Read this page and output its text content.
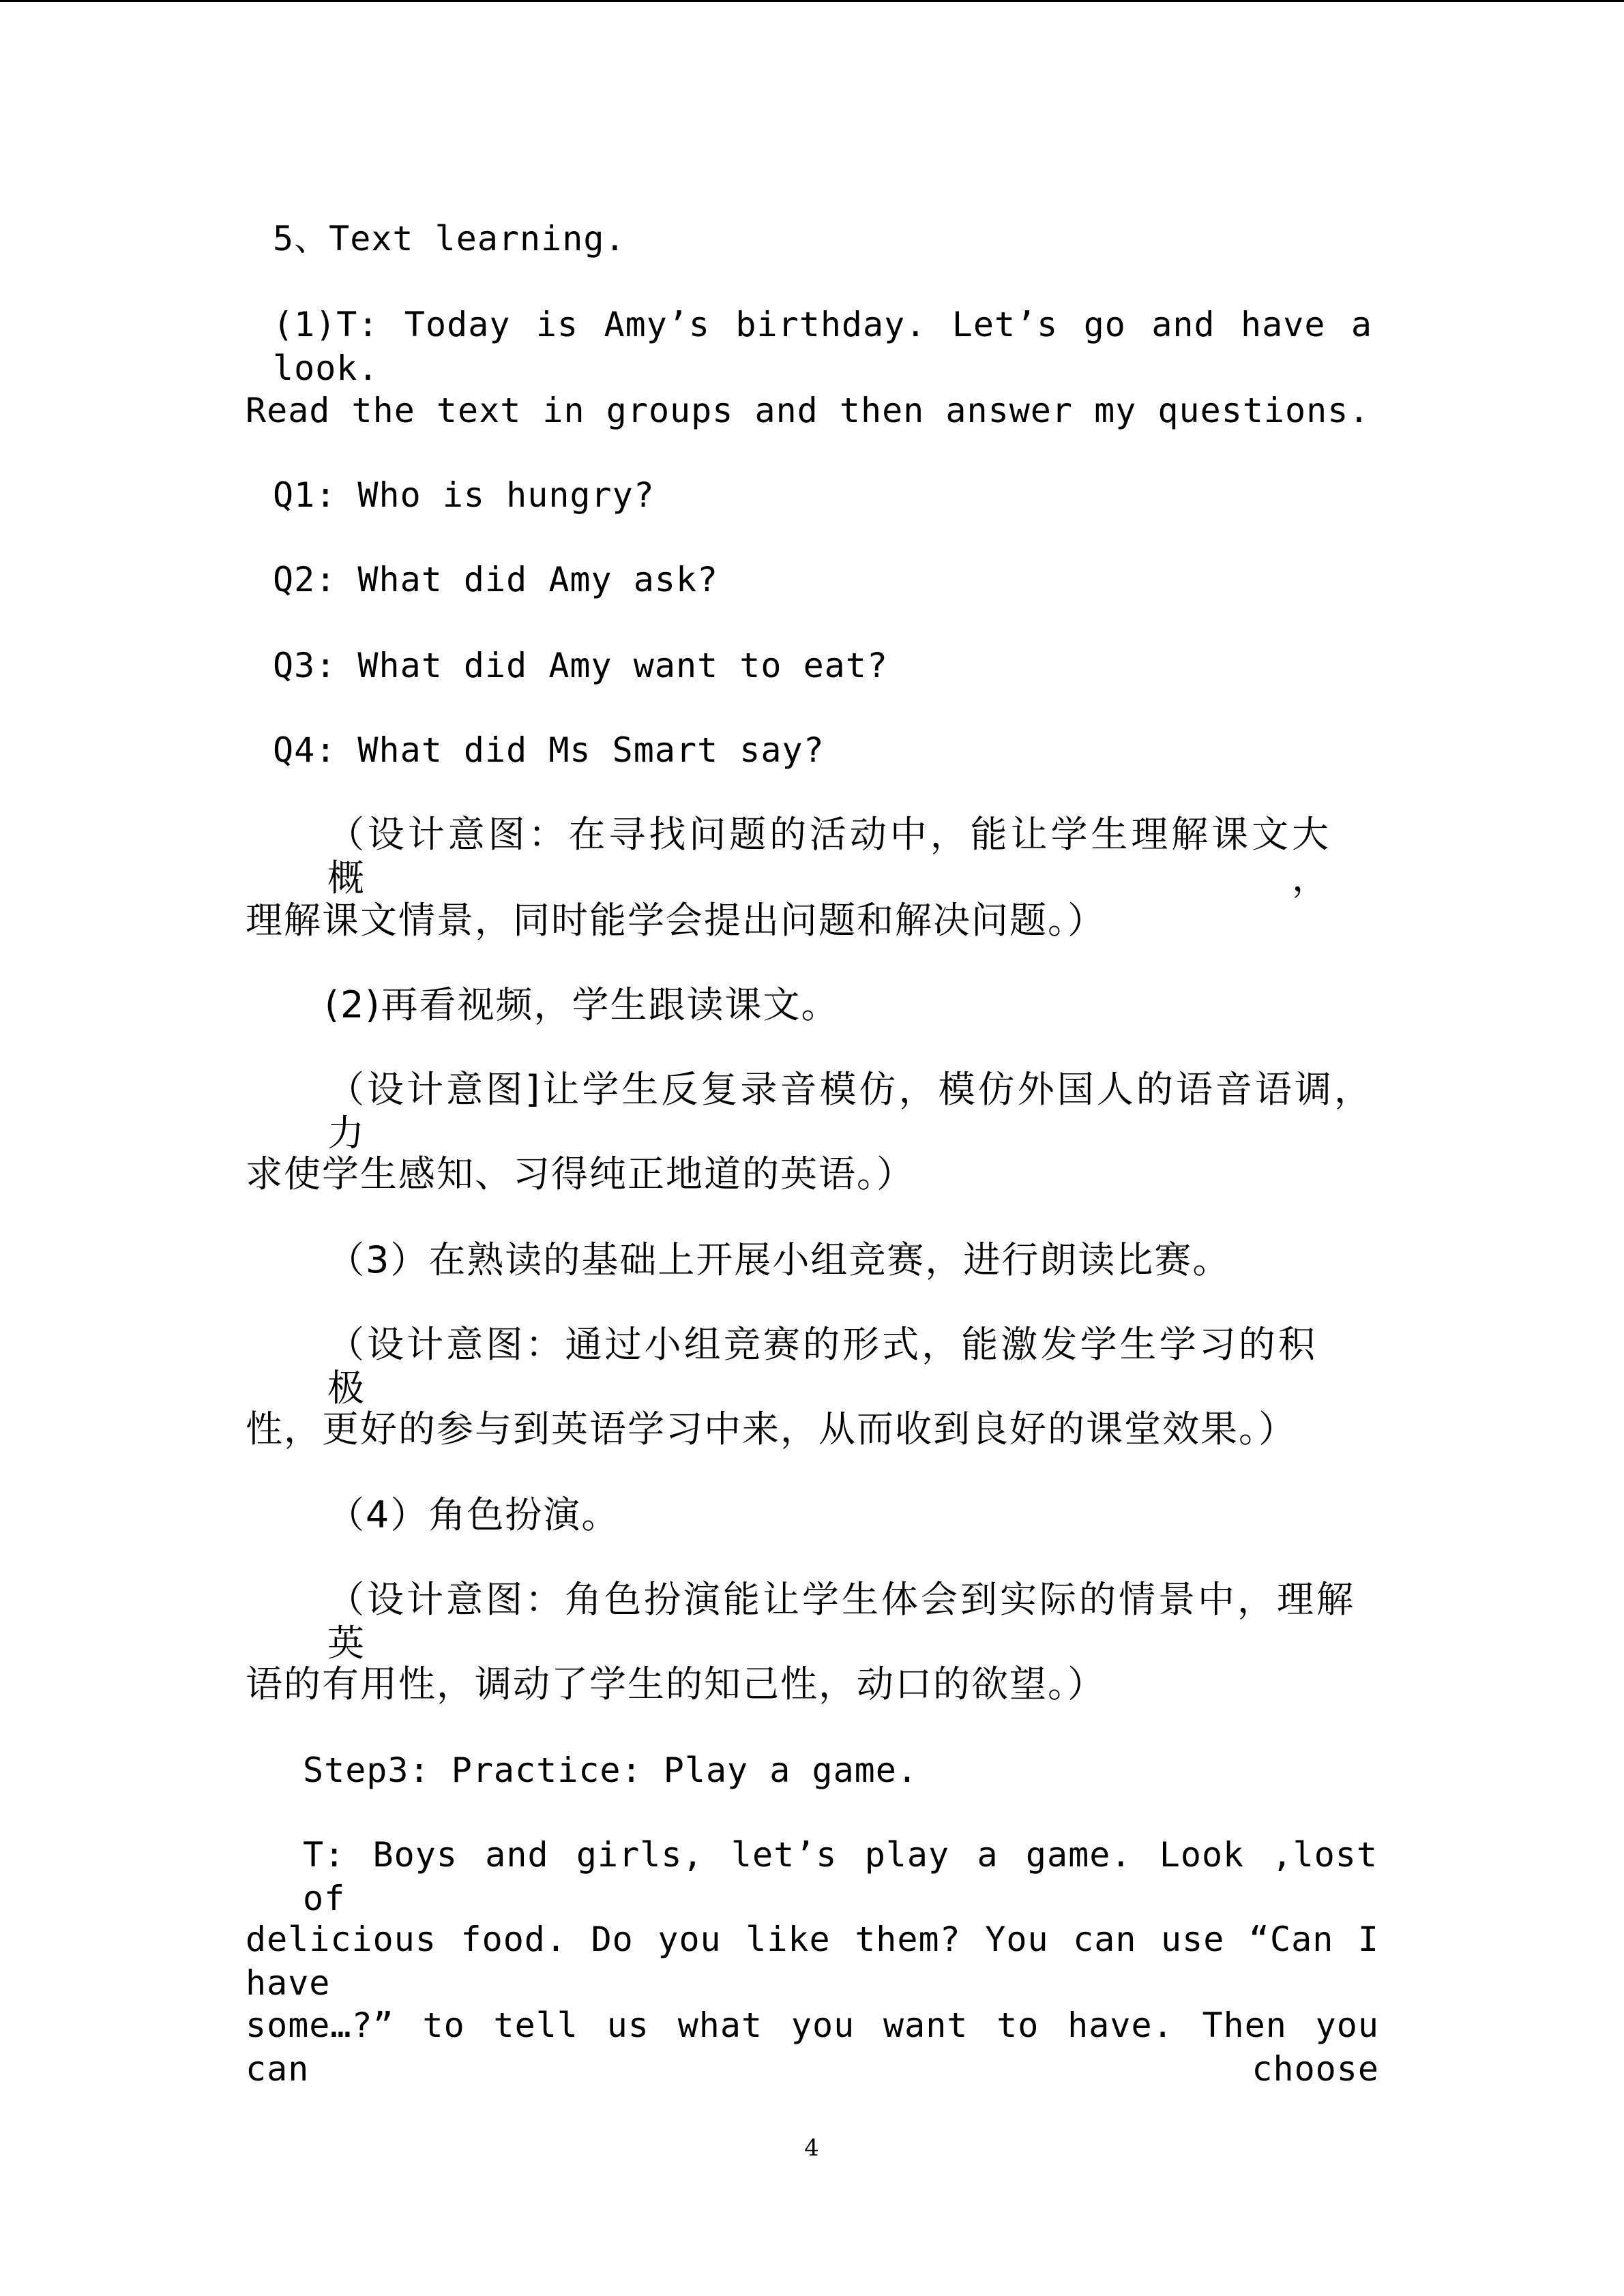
5、Text learning.
(1)T: Today is Amy’s birthday. Let’s go and have a look.
Read the text in groups and then answer my questions.
Q1: Who is hungry?
Q2: What did Amy ask?
Q3: What did Amy want to eat?
Q4: What did Ms Smart say?
（设计意图：在寻找问题的活动中，能让学生理解课文大概，
理解课文情景，同时能学会提出问题和解决问题。）
(2)再看视频，学生跟读课文。
（设计意图]让学生反复录音模仿，模仿外国人的语音语调，力
求使学生感知、习得纯正地道的英语。）
（3）在熟读的基础上开展小组竞赛，进行朗读比赛。
（设计意图：通过小组竞赛的形式，能激发学生学习的积极
性，更好的参与到英语学习中来，从而收到良好的课堂效果。）
（4）角色扮演。
（设计意图：角色扮演能让学生体会到实际的情景中，理解英
语的有用性，调动了学生的知己性，动口的欲望。）
Step3: Practice: Play a game.
T: Boys and girls, let’s play a game. Look ,lost of
delicious food. Do you like them? You can use “Can I have
some…?” to tell us what you want to have. Then you can choose
4
